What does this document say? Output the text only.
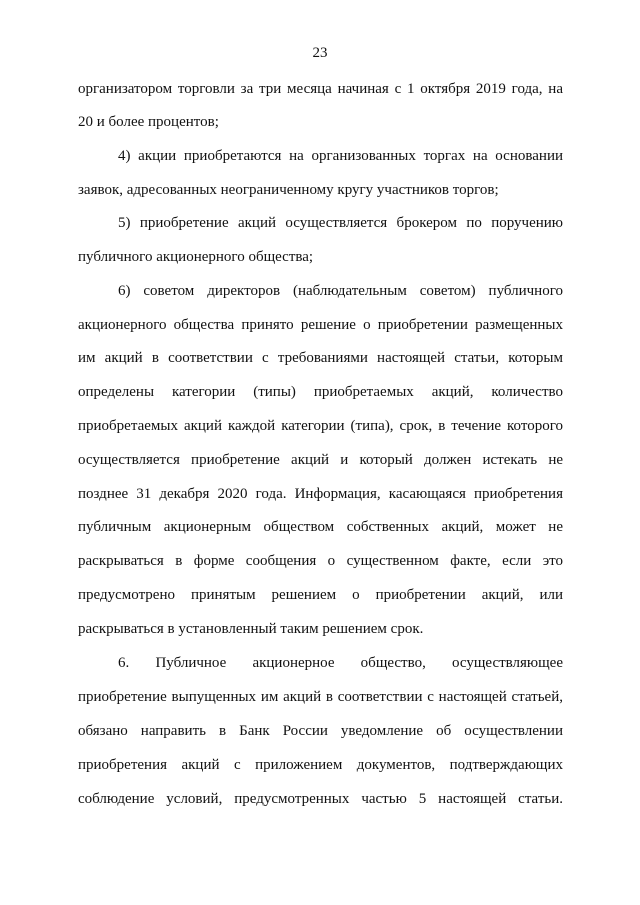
23
организатором торговли за три месяца начиная с 1 октября 2019 года, на
20 и более процентов;
4) акции приобретаются на организованных торгах на основании
заявок, адресованных неограниченному кругу участников торгов;
5) приобретение акций осуществляется брокером по поручению
публичного акционерного общества;
6) советом директоров (наблюдательным советом) публичного
акционерного общества принято решение о приобретении размещенных
им акций в соответствии с требованиями настоящей статьи, которым
определены категории (типы) приобретаемых акций, количество
приобретаемых акций каждой категории (типа), срок, в течение которого
осуществляется приобретение акций и который должен истекать не
позднее 31 декабря 2020 года. Информация, касающаяся приобретения
публичным акционерным обществом собственных акций, может не
раскрываться в форме сообщения о существенном факте, если это
предусмотрено принятым решением о приобретении акций, или
раскрываться в установленный таким решением срок.
6. Публичное акционерное общество, осуществляющее
приобретение выпущенных им акций в соответствии с настоящей статьей,
обязано направить в Банк России уведомление об осуществлении
приобретения акций с приложением документов, подтверждающих
соблюдение условий, предусмотренных частью 5 настоящей статьи.
